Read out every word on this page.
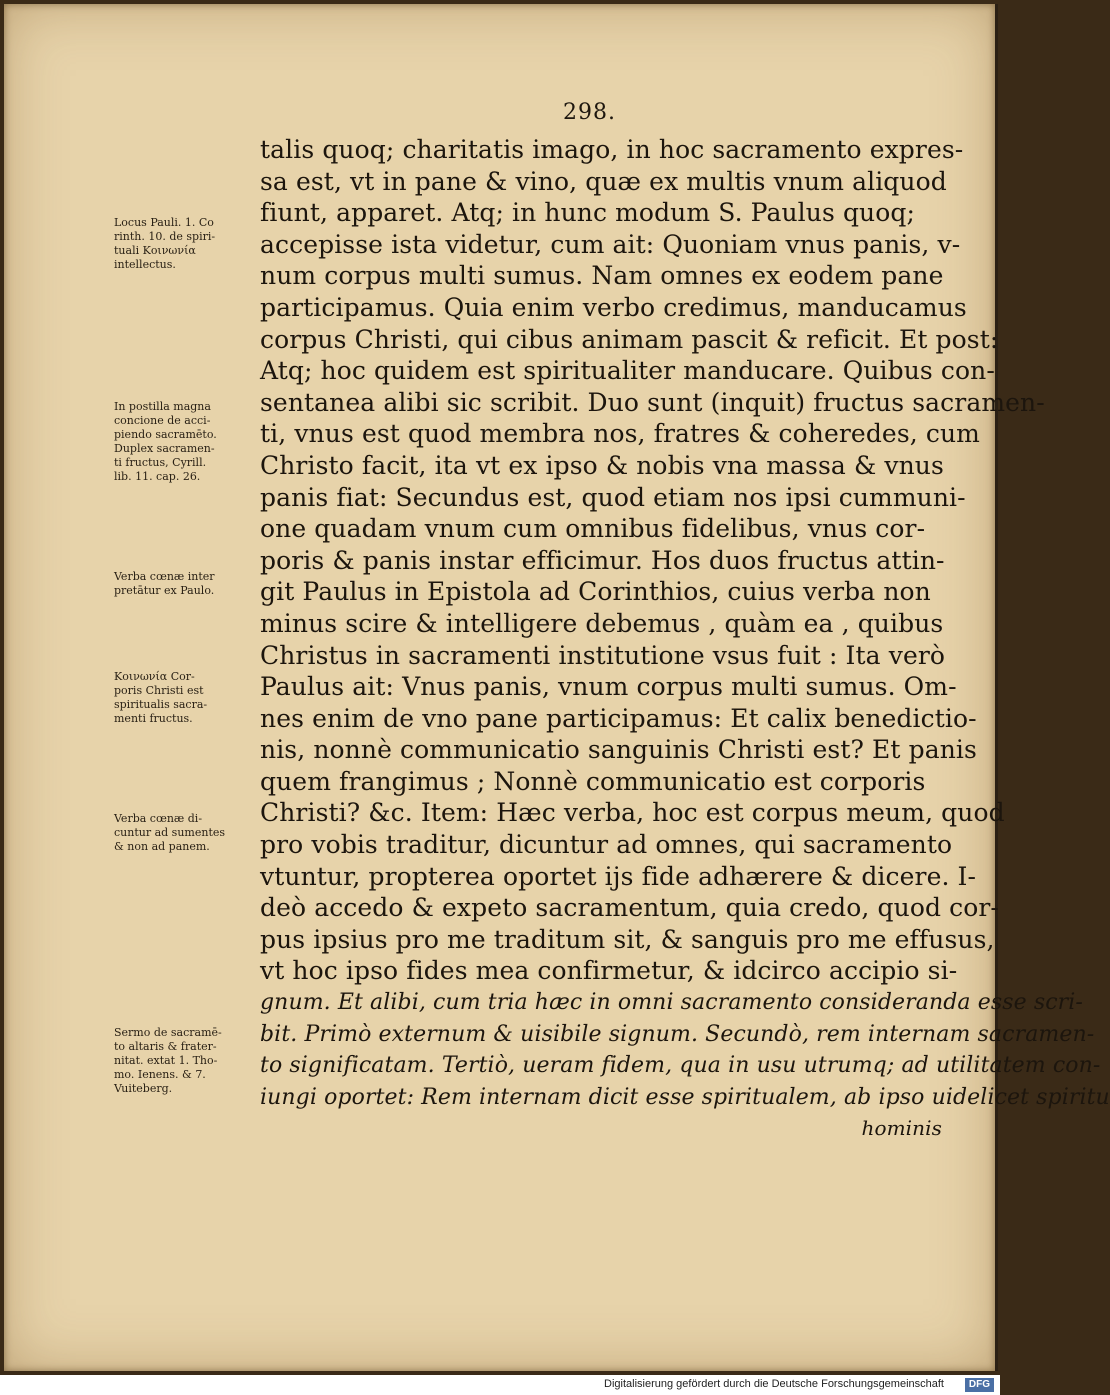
298.
Locus Pauli. 1. Co
rinth. 10. de spiri-
tuali Κοινωνία
intellectus.
In postilla magna
concione de acci-
piendo sacramēto.
Duplex sacramen-
ti fructus, Cyrill.
lib. 11. cap. 26.
Verba cœnæ inter
pretātur ex Paulo.
Κοινωνία Cor-
poris Christi est
spiritualis sacra-
menti fructus.
Verba cœnæ di-
cuntur ad sumentes
& non ad panem.
Sermo de sacramē-
to altaris & frater-
nitat. extat 1. Tho-
mo. Ienens. & 7.
Vuiteberg.
talis quoq; charitatis imago, in hoc sacramento expres-
sa est, vt in pane & vino, quæ ex multis vnum aliquod
fiunt, apparet. Atq; in hunc modum S. Paulus quoq;
accepisse ista videtur, cum ait: Quoniam vnus panis, v-
num corpus multi sumus. Nam omnes ex eodem pane
participamus. Quia enim verbo credimus, manducamus
corpus Christi, qui cibus animam pascit & reficit. Et post:
Atq; hoc quidem est spiritualiter manducare. Quibus con-
sentanea alibi sic scribit. Duo sunt (inquit) fructus sacramen-
ti, vnus est quod membra nos, fratres & coheredes, cum
Christo facit, ita vt ex ipso & nobis vna massa & vnus
panis fiat: Secundus est, quod etiam nos ipsi cummuni-
one quadam vnum cum omnibus fidelibus, vnus cor-
poris & panis instar efficimur. Hos duos fructus attin-
git Paulus in Epistola ad Corinthios, cuius verba non
minus scire & intelligere debemus , quàm ea , quibus
Christus in sacramenti institutione vsus fuit : Ita verò
Paulus ait: Vnus panis, vnum corpus multi sumus. Om-
nes enim de vno pane participamus: Et calix benedictio-
nis, nonnè communicatio sanguinis Christi est? Et panis
quem frangimus ; Nonnè communicatio est corporis
Christi? &c. Item: Hæc verba, hoc est corpus meum, quod
pro vobis traditur, dicuntur ad omnes, qui sacramento
vtuntur, propterea oportet ijs fide adhærere & dicere. I-
deò accedo & expeto sacramentum, quia credo, quod cor-
pus ipsius pro me traditum sit, & sanguis pro me effusus,
vt hoc ipso fides mea confirmetur, & idcirco accipio si-
gnum. Et alibi, cum tria hæc in omni sacramento consideranda esse scri-
bit. Primò externum & uisibile signum. Secundò, rem internam sacramen-
to significatam. Tertiò, ueram fidem, qua in usu utrumq; ad utilitatem con-
iungi oportet: Rem internam dicit esse spiritualem, ab ipso uidelicet spiritu
hominis
Digitalisierung gefördert durch die Deutsche Forschungsgemeinschaft	DFG
